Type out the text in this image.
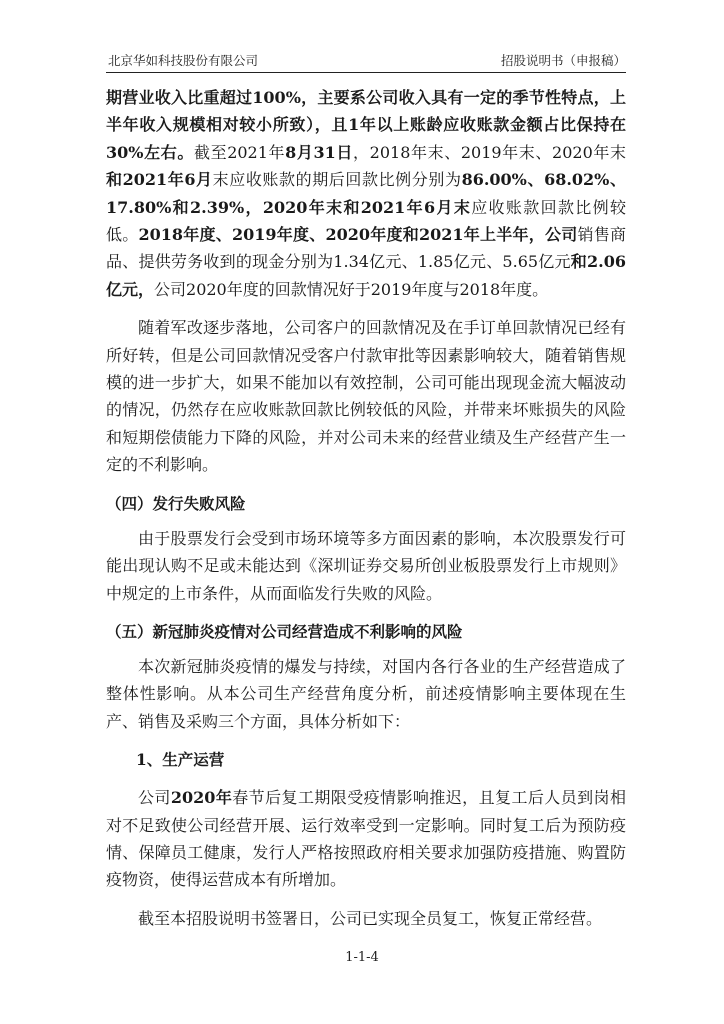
北京华如科技股份有限公司	招股说明书（申报稿）

期营业收入比重超过100%，主要系公司收入具有一定的季节性特点，上半年收入规模相对较小所致），且1年以上账龄应收账款金额占比保持在30%左右。截至2021年8月31日，2018年末、2019年末、2020年末和2021年6月末应收账款的期后回款比例分别为86.00%、68.02%、17.80%和2.39%，2020年末和2021年6月末应收账款回款比例较低。2018年度、2019年度、2020年度和2021年上半年，公司销售商品、提供劳务收到的现金分别为1.34亿元、1.85亿元、5.65亿元和2.06亿元，公司2020年度的回款情况好于2019年度与2018年度。

随着军改逐步落地，公司客户的回款情况及在手订单回款情况已经有所好转，但是公司回款情况受客户付款审批等因素影响较大，随着销售规模的进一步扩大，如果不能加以有效控制，公司可能出现现金流大幅波动的情况，仍然存在应收账款回款比例较低的风险，并带来坏账损失的风险和短期偿债能力下降的风险，并对公司未来的经营业绩及生产经营产生一定的不利影响。

（四）发行失败风险

由于股票发行会受到市场环境等多方面因素的影响，本次股票发行可能出现认购不足或未能达到《深圳证券交易所创业板股票发行上市规则》中规定的上市条件，从而面临发行失败的风险。

（五）新冠肺炎疫情对公司经营造成不利影响的风险

本次新冠肺炎疫情的爆发与持续，对国内各行各业的生产经营造成了整体性影响。从本公司生产经营角度分析，前述疫情影响主要体现在生产、销售及采购三个方面，具体分析如下：

1、生产运营

公司2020年春节后复工期限受疫情影响推迟，且复工后人员到岗相对不足致使公司经营开展、运行效率受到一定影响。同时复工后为预防疫情、保障员工健康，发行人严格按照政府相关要求加强防疫措施、购置防疫物资，使得运营成本有所增加。

截至本招股说明书签署日，公司已实现全员复工，恢复正常经营。

1-1-4
